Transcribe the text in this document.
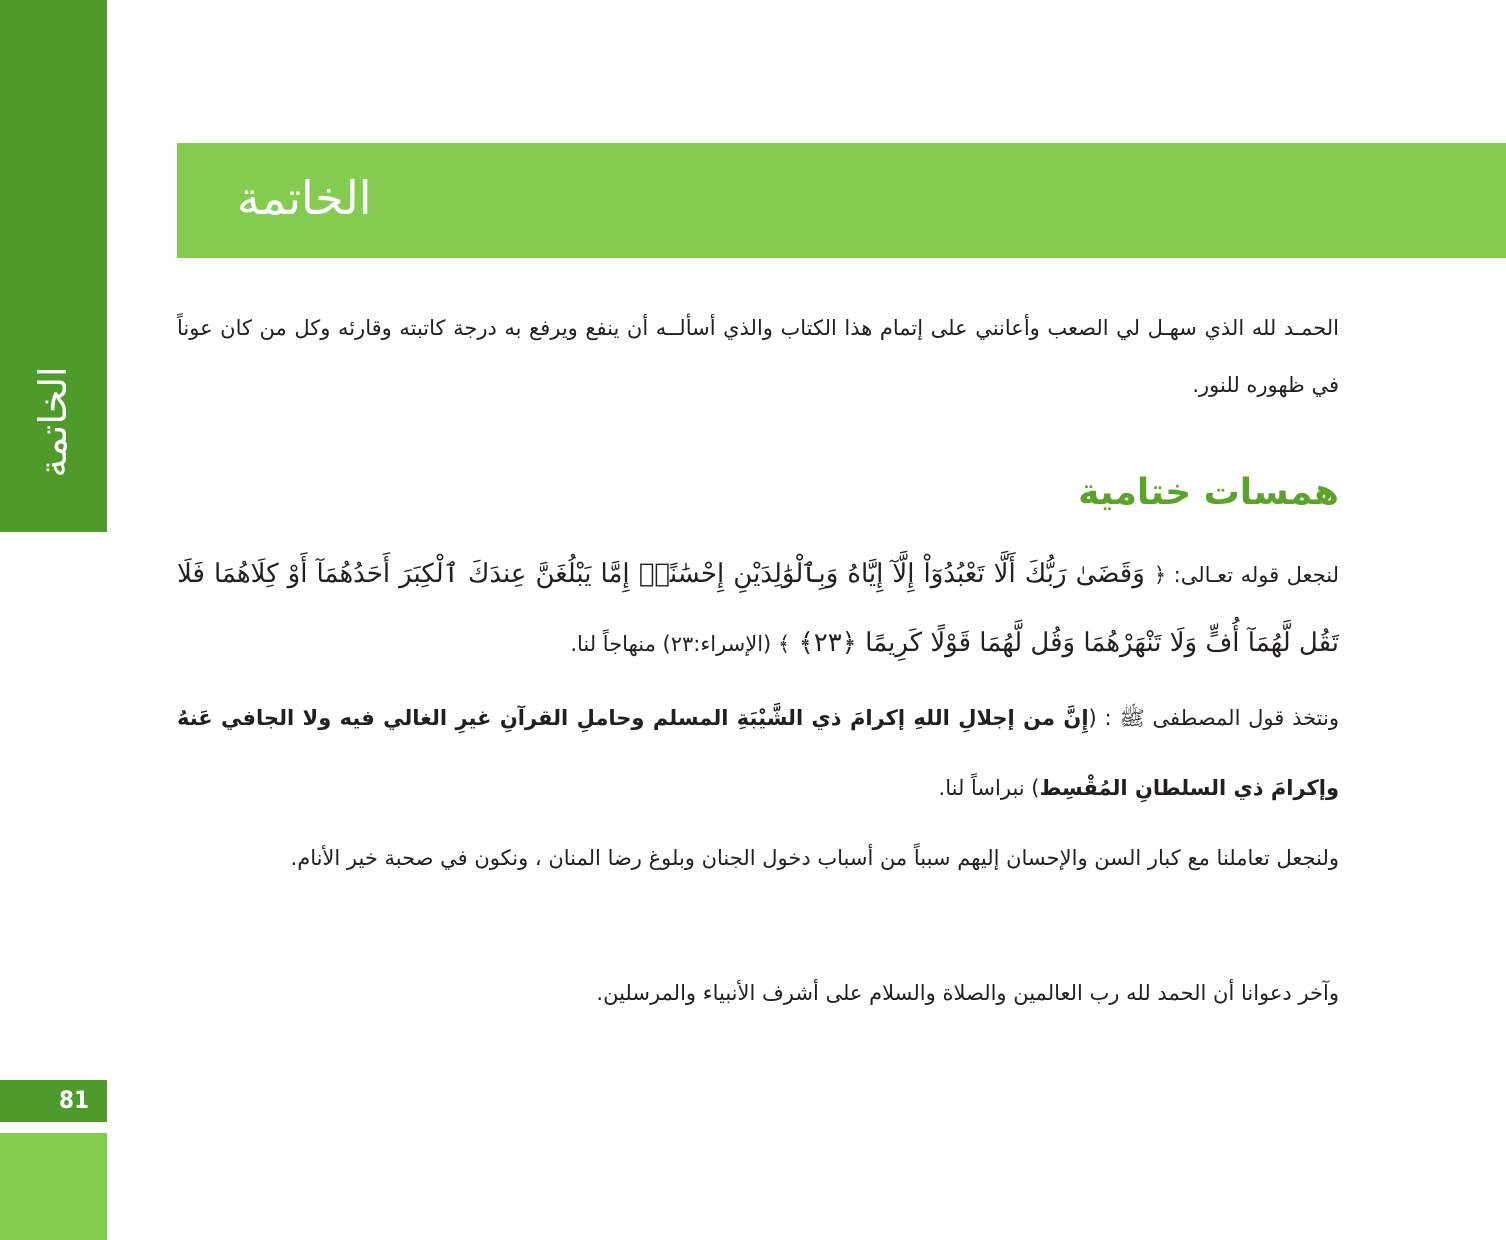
الخاتمة
81
الخاتمة

الحمـد لله الذي سهـل لي الصعب وأعانني على إتمام هذا الكتاب والذي أسألــه أن ينفع ويرفع به درجة كاتبته وقارئه وكل من كان عوناً في ظهوره للنور.

همسات ختامية

لنجعل قوله تعـالى: ﴿ وَقَضَىٰ رَبُّكَ أَلَّا تَعْبُدُوٓاْ إِلَّآ إِيَّاهُ وَبِٱلْوَٰلِدَيْنِ إِحْسَٰنًاۚ إِمَّا يَبْلُغَنَّ عِندَكَ ٱلْكِبَرَ أَحَدُهُمَآ أَوْ كِلَاهُمَا فَلَا تَقُل لَّهُمَآ أُفٍّ وَلَا تَنْهَرْهُمَا وَقُل لَّهُمَا قَوْلًا كَرِيمًا ﴿٢٣﴾ ﴾ (الإسراء:٢٣) منهاجاً لنا.

ونتخذ قول المصطفى ﷺ : (إِنَّ من إجلالِ اللهِ إكرامَ ذي الشَّيْبَةِ المسلم وحاملِ القرآنِ غيرِ الغالي فيه ولا الجافي عَنهُ وإكرامَ ذي السلطانِ المُقْسِط) نبراساً لنا.

ولنجعل تعاملنا مع كبار السن والإحسان إليهم سبباً من أسباب دخول الجنان وبلوغ رضا المنان ، ونكون في صحبة خير الأنام.

وآخر دعوانا أن الحمد لله رب العالمين والصلاة والسلام على أشرف الأنبياء والمرسلين.
